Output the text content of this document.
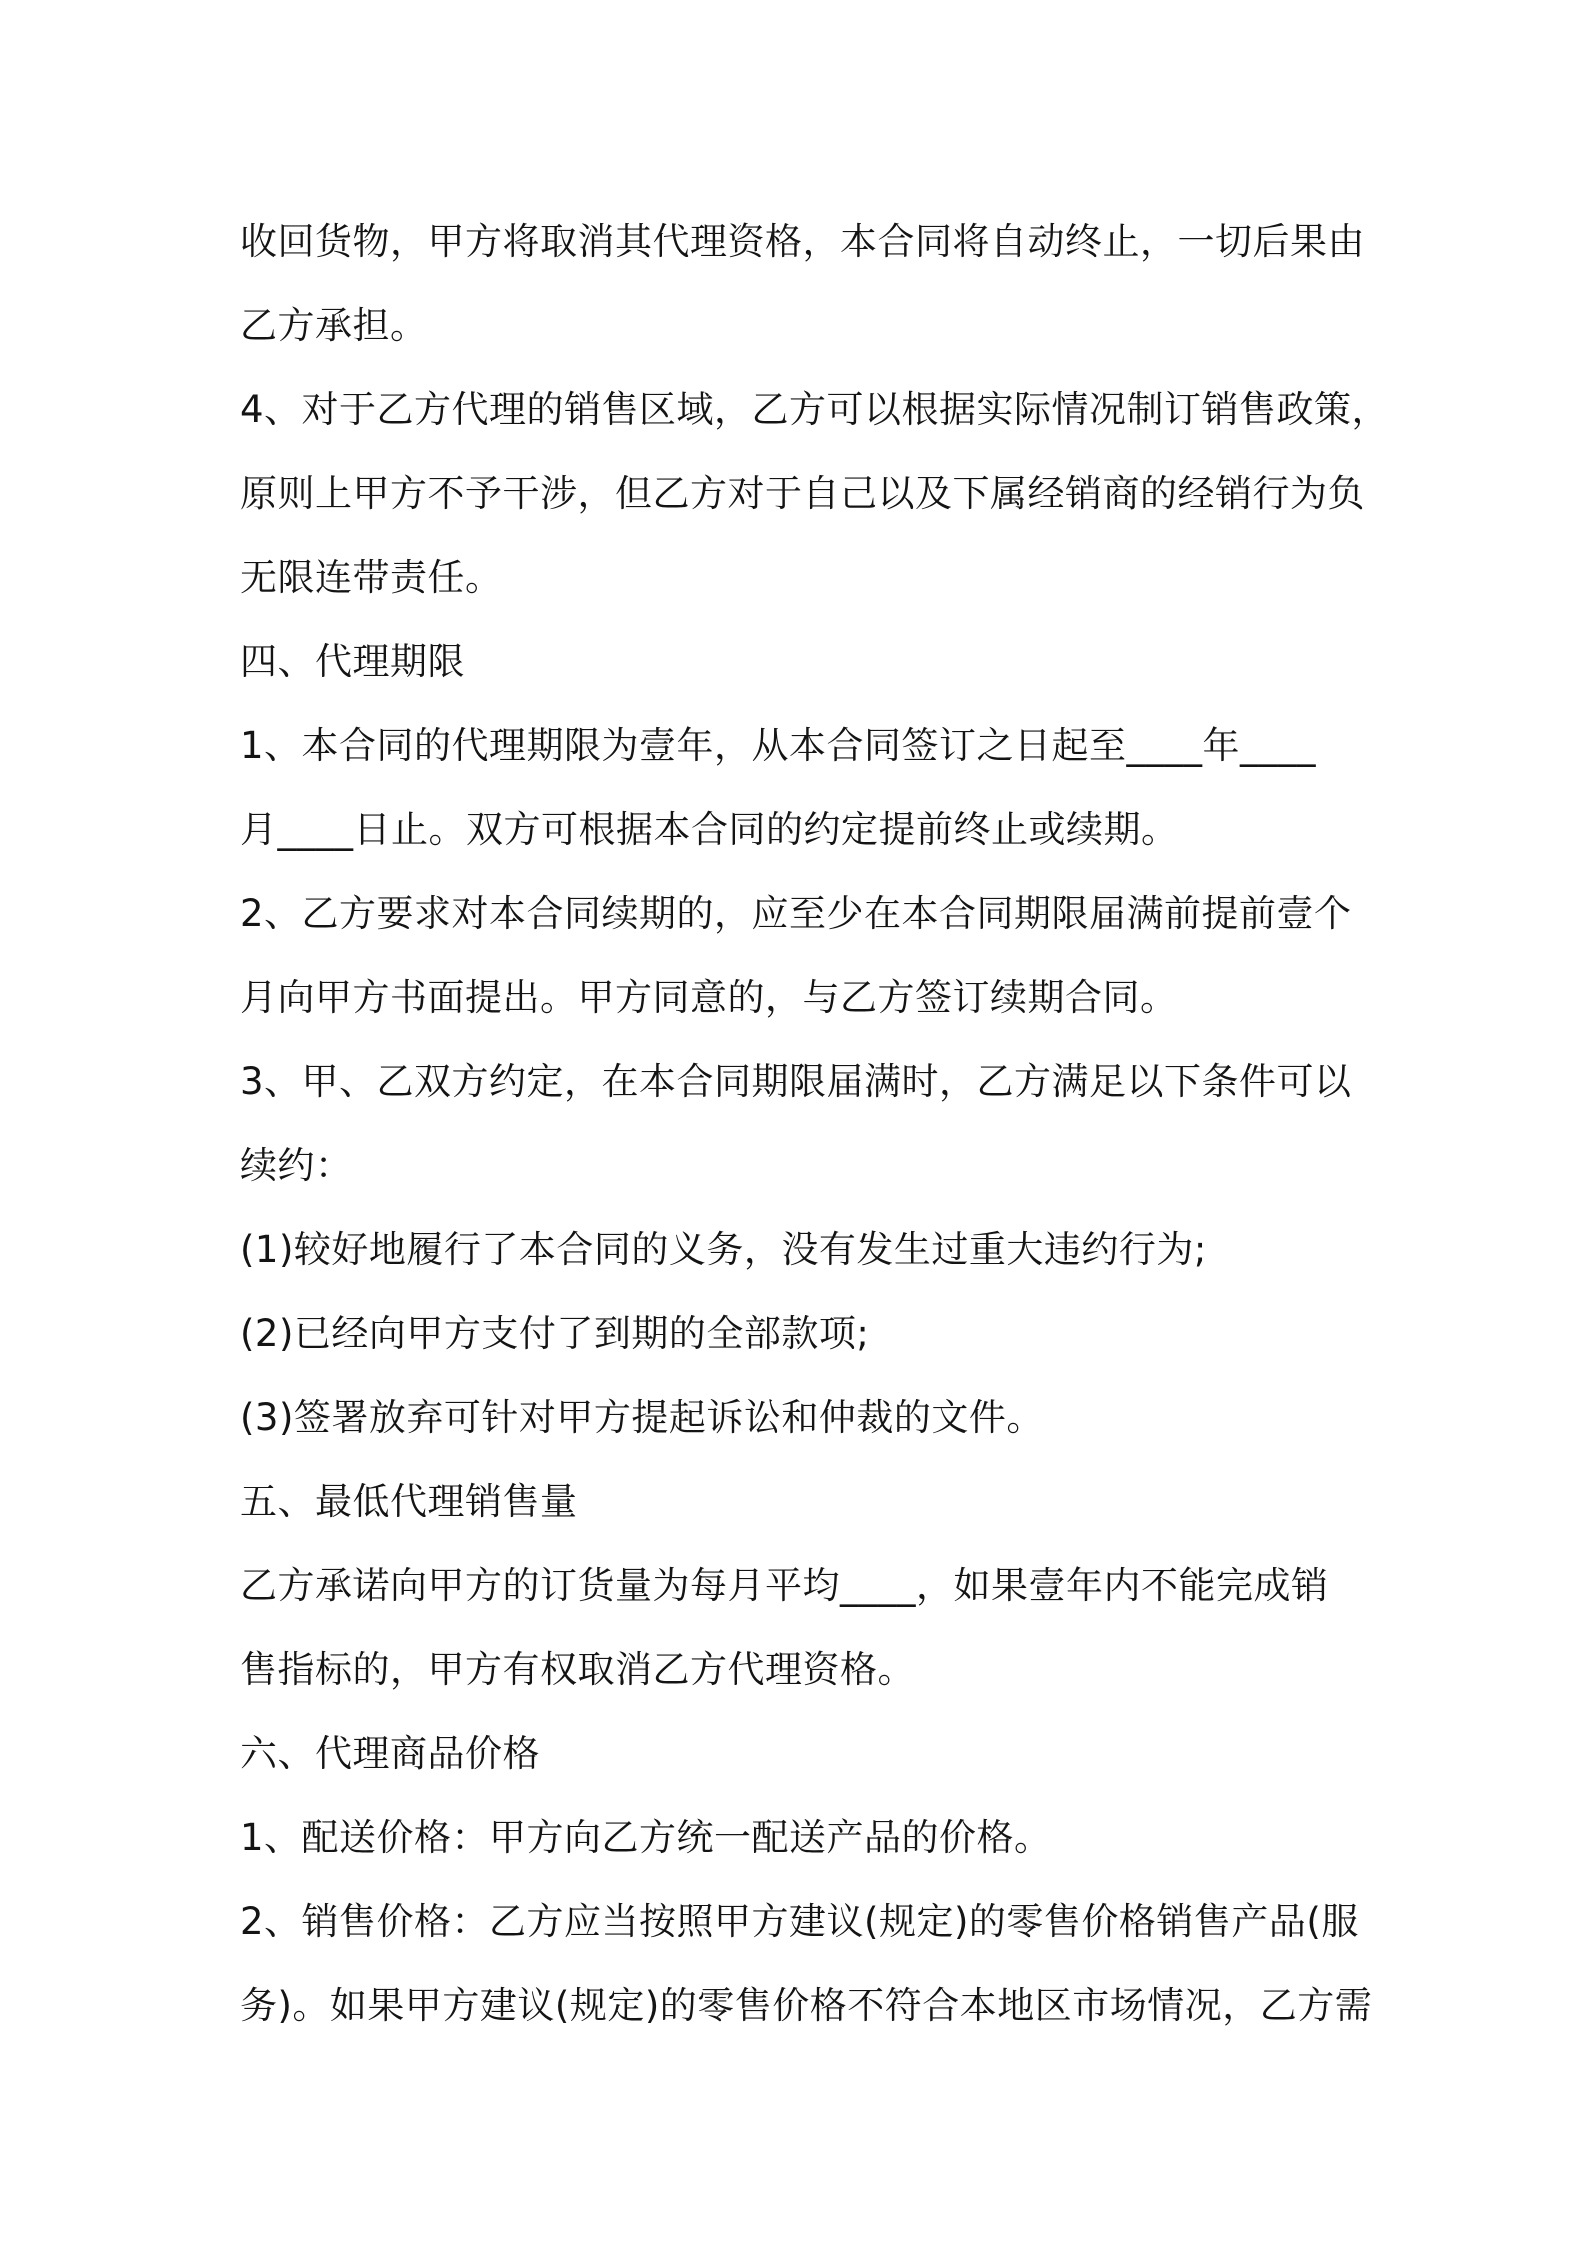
收回货物，甲方将取消其代理资格，本合同将自动终止，一切后果由
乙方承担。
4、对于乙方代理的销售区域，乙方可以根据实际情况制订销售政策，
原则上甲方不予干涉，但乙方对于自己以及下属经销商的经销行为负
无限连带责任。
四、代理期限
1、本合同的代理期限为壹年，从本合同签订之日起至____年____
月____日止。双方可根据本合同的约定提前终止或续期。
2、乙方要求对本合同续期的，应至少在本合同期限届满前提前壹个
月向甲方书面提出。甲方同意的，与乙方签订续期合同。
3、甲、乙双方约定，在本合同期限届满时，乙方满足以下条件可以
续约：
(1)较好地履行了本合同的义务，没有发生过重大违约行为;
(2)已经向甲方支付了到期的全部款项;
(3)签署放弃可针对甲方提起诉讼和仲裁的文件。
五、最低代理销售量
乙方承诺向甲方的订货量为每月平均____，如果壹年内不能完成销
售指标的，甲方有权取消乙方代理资格。
六、代理商品价格
1、配送价格：甲方向乙方统一配送产品的价格。
2、销售价格：乙方应当按照甲方建议(规定)的零售价格销售产品(服
务)。如果甲方建议(规定)的零售价格不符合本地区市场情况，乙方需
